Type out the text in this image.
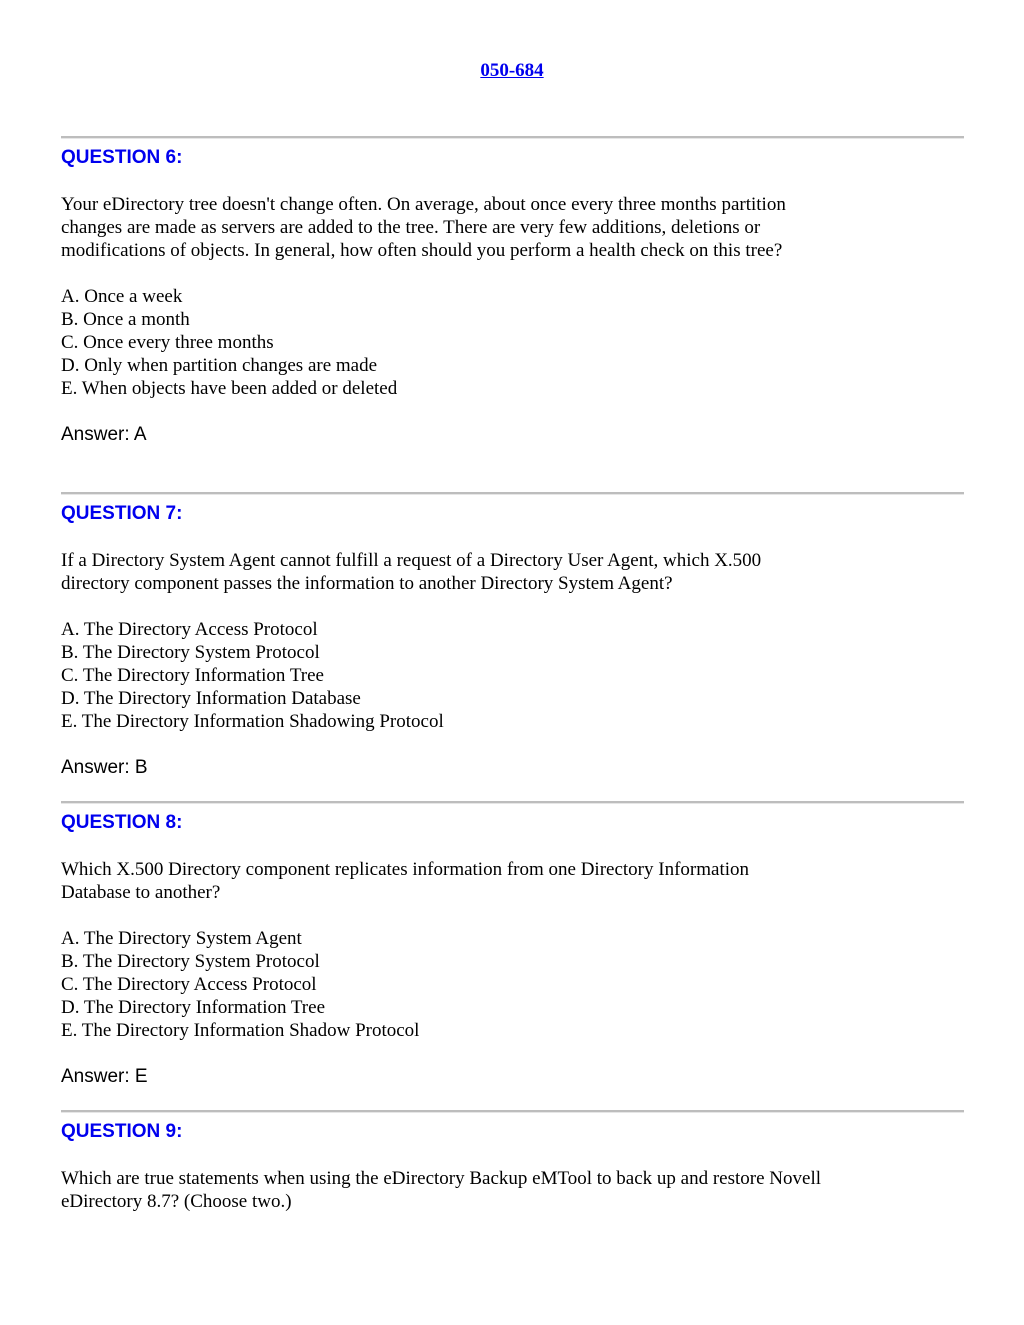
050-684
QUESTION 6:

Your eDirectory tree doesn't change often. On average, about once every three months partition changes are made as servers are added to the tree. There are very few additions, deletions or modifications of objects. In general, how often should you perform a health check on this tree?

A. Once a week
B. Once a month
C. Once every three months
D. Only when partition changes are made
E. When objects have been added or deleted
Answer: A
QUESTION 7:

If a Directory System Agent cannot fulfill a request of a Directory User Agent, which X.500 directory component passes the information to another Directory System Agent?

A. The Directory Access Protocol
B. The Directory System Protocol
C. The Directory Information Tree
D. The Directory Information Database
E. The Directory Information Shadowing Protocol
Answer: B
QUESTION 8:

Which X.500 Directory component replicates information from one Directory Information Database to another?

A. The Directory System Agent
B. The Directory System Protocol
C. The Directory Access Protocol
D. The Directory Information Tree
E. The Directory Information Shadow Protocol
Answer: E
QUESTION 9:

Which are true statements when using the eDirectory Backup eMTool to back up and restore Novell eDirectory 8.7? (Choose two.)
